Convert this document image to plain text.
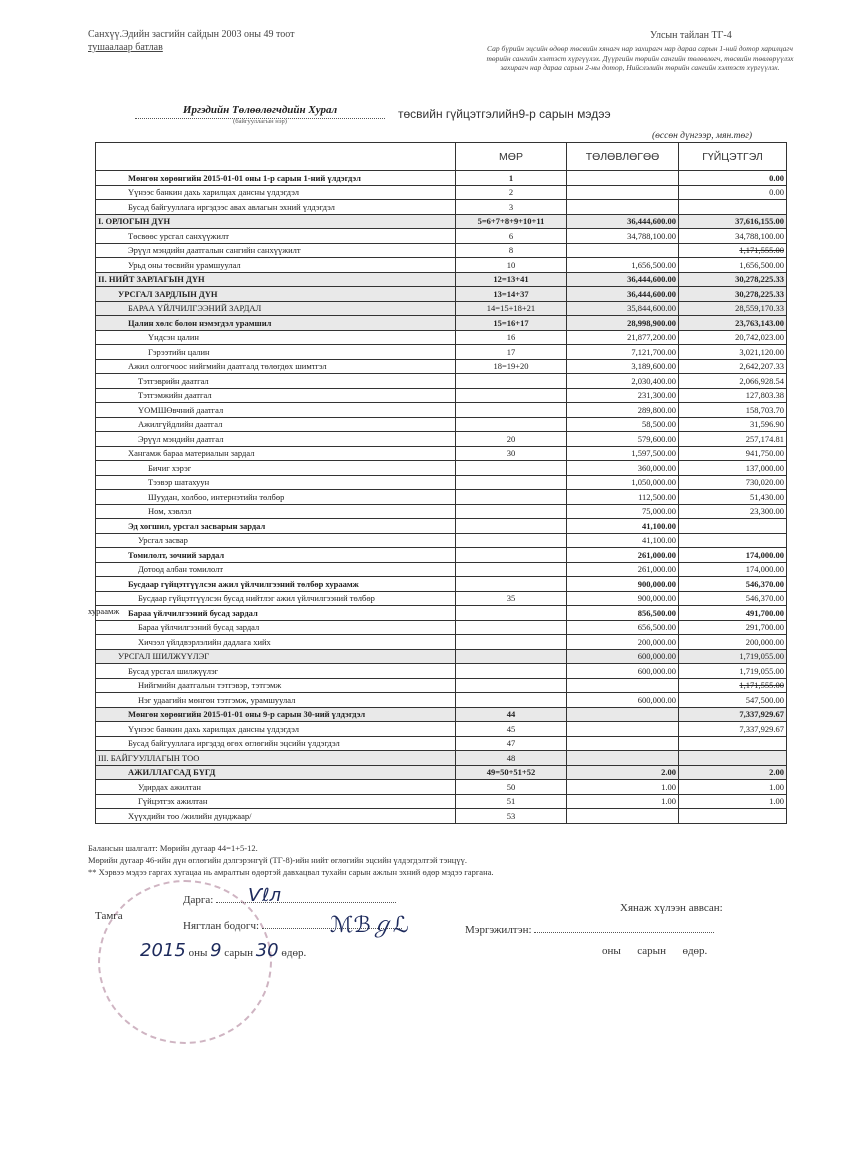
Санхүү.Эдийн засгийн сайдын 2003 оны 49 тоот
тушаалаар батлав
Улсын тайлан ТГ-4
Сар бүрийн эцсийн өдөөр төсвийн хянагч нар захирагч нар дараа сарын 1-ний дотор харилцагч төрийн сангийн хэлтэст хүргүүлэх. Дүүргийн төрийн сангийн төлөвлөгч, төсвийн төвлөрүүлэх захирагч нар дараа сарын 2-ны дотор, Нийслэлийн төрийн сангийн хэлтэст хүргүүлэх.
Иргэдийн Төлөөлөгчдийн Хурал
(байгууллагын нэр)
төсвийн гүйцэтгэлийн9-р сарын мэдээ
(өссөн дүнгээр, мян.төг)
	МӨР	ТӨЛӨВЛӨГӨӨ	ГҮЙЦЭТГЭЛ
Мөнгөн хөрөнгийн 2015-01-01 оны 1-р сарын 1-ний үлдэгдэл	1		0.00
Үүнээс банкин дахь харилцах дансны үлдэгдэл	2		0.00
Бусад байгууллага иргэдээс авах авлагын эхний үлдэгдэл	3		
I. ОРЛОГЫН ДҮН	5=6+7+8+9+10+11	36,444,600.00	37,616,155.00
Төсвөөс урсгал санхүүжилт	6	34,788,100.00	34,788,100.00
Эрүүл мэндийн даатгалын сангийн санхүүжилт	8		1,171,555.00
Урьд оны төсвийн урамшуулал	10	1,656,500.00	1,656,500.00
II. НИЙТ ЗАРЛАГЫН ДҮН	12=13+41	36,444,600.00	30,278,225.33
УРСГАЛ ЗАРДЛЫН ДҮН	13=14+37	36,444,600.00	30,278,225.33
БАРАА ҮЙЛЧИЛГЭЭНИЙ ЗАРДАЛ	14=15+18+21	35,844,600.00	28,559,170.33
Цалин хөлс болон нэмэгдэл урамшил	15=16+17	28,998,900.00	23,763,143.00
Үндсэн цалин	16	21,877,200.00	20,742,023.00
Гэрээтийн цалин	17	7,121,700.00	3,021,120.00
Ажил олгогчоос нийгмийн даатгалд төлөгдөх шимтгэл	18=19+20	3,189,600.00	2,642,207.33
Тэтгэврийн даатгал		2,030,400.00	2,066,928.54
Тэтгэмжийн даатгал		231,300.00	127,803.38
ҮОМШӨвчний даатгал		289,800.00	158,703.70
Ажилгүйдлийн даатгал		58,500.00	31,596.90
Эрүүл мэндийн даатгал	20	579,600.00	257,174.81
Хангамж бараа материалын зардал	30	1,597,500.00	941,750.00
Бичиг хэрэг		360,000.00	137,000.00
Тээвэр шатахуун		1,050,000.00	730,020.00
Шуудан, холбоо, интернэтийн төлбөр		112,500.00	51,430.00
Ном, хэвлэл		75,000.00	23,300.00
Эд хогшил, урсгал засварын зардал		41,100.00	
Урсгал засвар		41,100.00	
Томилолт, зочний зардал		261,000.00	174,000.00
Дотоод албан томилолт		261,000.00	174,000.00
Бусдаар гүйцэтгүүлсэн ажил үйлчилгээний төлбөр хураамж		900,000.00	546,370.00
Бусдаар гүйцэтгүүлсэн бусад нийтлэг ажил үйлчилгээний төлбөр	35	900,000.00	546,370.00
Бараа үйлчилгээний бусад зардал		856,500.00	491,700.00
Бараа үйлчилгээний бусад зардал		656,500.00	291,700.00
Хичээл үйлдвэрлэлийн дадлага хийх		200,000.00	200,000.00
УРСГАЛ ШИЛЖҮҮЛЭГ		600,000.00	1,719,055.00
Бусад урсгал шилжүүлэг		600,000.00	1,719,055.00
Нийгмийн даатгалын тэтгэвэр, тэтгэмж			1,171,555.00
Нэг удаагийн мөнгөн тэтгэмж, урамшуулал		600,000.00	547,500.00
Мөнгөн хөрөнгийн 2015-01-01 оны 9-р сарын 30-ний үлдэгдэл	44		7,337,929.67
Үүнээс банкин дахь харилцах дансны үлдэгдэл	45		7,337,929.67
Бусад байгууллага иргэдэд өгөх өглөгийн эцсийн үлдэгдэл	47		
III. БАЙГУУЛЛАГЫН ТОО	48		
АЖИЛЛАГСАД БҮГД	49=50+51+52	2.00	2.00
Удирдах ажилтан	50	1.00	1.00
Гүйцэтгэх ажилтан	51	1.00	1.00
Хүүхдийн тоо /жилийн дунджаар/	53		
хураамж
Балансын шалгалт: Мөрийн дугаар 44=1+5-12.
Мөрийн дугаар 46-ийн дүн өглөгийн дэлгэрэнгүй (ТГ-8)-ийн нийт өглөгийн эцсийн үлдэгдэлтэй тэнцүү.
** Хэрвээ мэдээ гаргах хугацаа нь амралтын өдөртэй давхацвал тухайн сарын ажлын эхний өдөр мэдээ гаргана.
Тамга
Дарга:	Ѵℓᴫ
Нягтлан бодогч:	ℳℬℊℒ
2015 оны 9 сарын 30 өдөр.
Хянаж хүлээн аввсан:
Мэргэжилтэн:
оны      сарын      өдөр.
